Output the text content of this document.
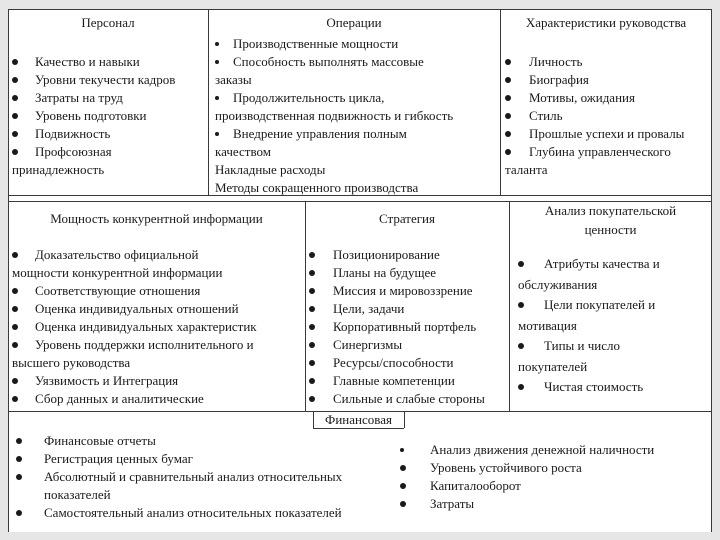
Персонал
Качество и навыки
Уровни текучести кадров
Затраты на труд
Уровень подготовки
Подвижность
Профсоюзная
принадлежность
Операции
Производственные мощности
Способность выполнять массовые
заказы
Продолжительность цикла,
производственная подвижность и гибкость
Внедрение управления полным
качеством
Накладные расходы
Методы сокращенного производства
Характеристики руководства
Личность
Биография
Мотивы, ожидания
Стиль
Прошлые успехи и провалы
Глубина управленческого
таланта
Мощность конкурентной информации
Доказательство официальной
мощности конкурентной информации
Соответствующие отношения
Оценка индивидуальных отношений
Оценка индивидуальных характеристик
Уровень поддержки исполнительного и
высшего руководства
Уязвимость и Интеграция
Сбор данных и аналитические
Стратегия
Позиционирование
Планы на будущее
Миссия и мировоззрение
Цели, задачи
Корпоративный портфель
Синергизмы
Ресурсы/способности
Главные компетенции
Сильные и слабые стороны
Анализ покупательской
ценности
Атрибуты качества и
обслуживания
Цели покупателей и
мотивация
Типы и число
покупателей
Чистая стоимость
Финансовая
Финансовые отчеты
Регистрация ценных бумаг
Абсолютный и сравнительный анализ относительных
показателей
Самостоятельный анализ относительных показателей
Анализ движения денежной наличности
Уровень устойчивого роста
Капиталооборот
Затраты
